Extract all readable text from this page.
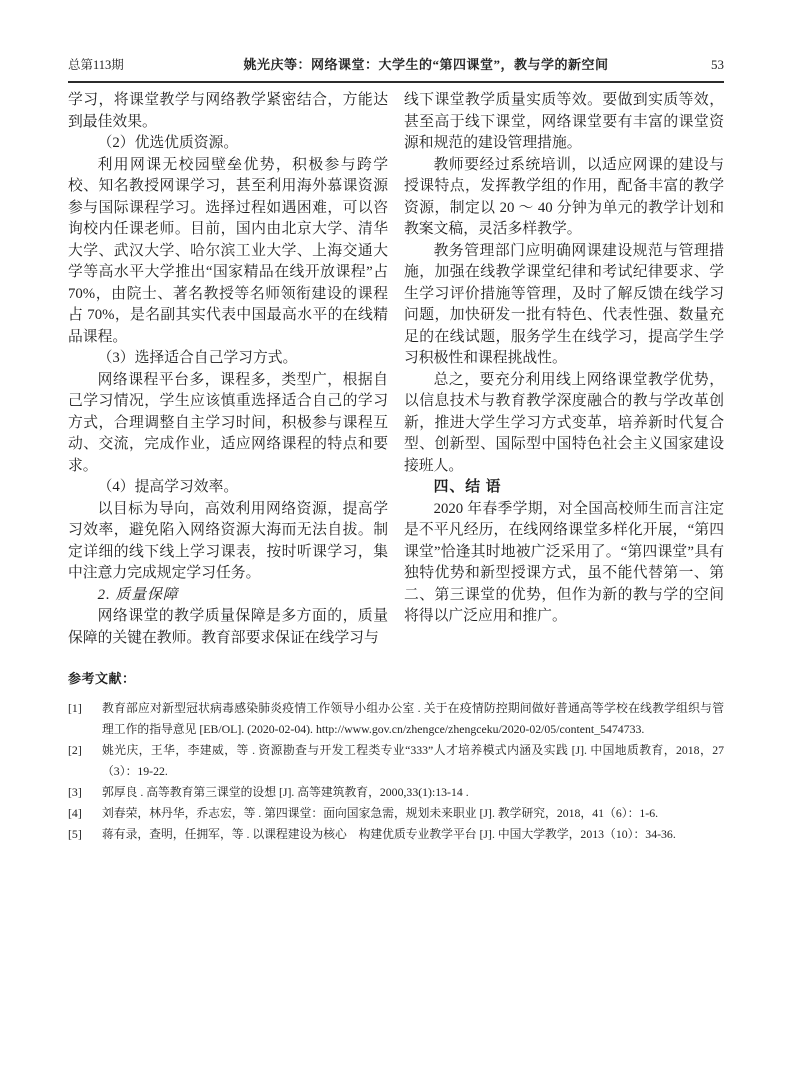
总第113期	姚光庆等：网络课堂：大学生的“第四课堂”，教与学的新空间	53

学习，将课堂教学与网络教学紧密结合，方能达到最佳效果。

（2）优选优质资源。

利用网课无校园壁垒优势，积极参与跨学校、知名教授网课学习，甚至利用海外慕课资源参与国际课程学习。选择过程如遇困难，可以咨询校内任课老师。目前，国内由北京大学、清华大学、武汉大学、哈尔滨工业大学、上海交通大学等高水平大学推出“国家精品在线开放课程”占70%，由院士、著名教授等名师领衔建设的课程占 70%，是名副其实代表中国最高水平的在线精品课程。

（3）选择适合自己学习方式。

网络课程平台多，课程多，类型广，根据自己学习情况，学生应该慎重选择适合自己的学习方式，合理调整自主学习时间，积极参与课程互动、交流，完成作业，适应网络课程的特点和要求。

（4）提高学习效率。

以目标为导向，高效利用网络资源，提高学习效率，避免陷入网络资源大海而无法自拔。制定详细的线下线上学习课表，按时听课学习，集中注意力完成规定学习任务。

2. 质量保障

网络课堂的教学质量保障是多方面的，质量保障的关键在教师。教育部要求保证在线学习与

线下课堂教学质量实质等效。要做到实质等效，甚至高于线下课堂，网络课堂要有丰富的课堂资源和规范的建设管理措施。

教师要经过系统培训，以适应网课的建设与授课特点，发挥教学组的作用，配备丰富的教学资源，制定以 20 ～ 40 分钟为单元的教学计划和教案文稿，灵活多样教学。

教务管理部门应明确网课建设规范与管理措施，加强在线教学课堂纪律和考试纪律要求、学生学习评价措施等管理，及时了解反馈在线学习问题，加快研发一批有特色、代表性强、数量充足的在线试题，服务学生在线学习，提高学生学习积极性和课程挑战性。

总之，要充分利用线上网络课堂教学优势，以信息技术与教育教学深度融合的教与学改革创新，推进大学生学习方式变革，培养新时代复合型、创新型、国际型中国特色社会主义国家建设接班人。

四、结 语

2020 年春季学期，对全国高校师生而言注定是不平凡经历，在线网络课堂多样化开展，“第四课堂”恰逢其时地被广泛采用了。“第四课堂”具有独特优势和新型授课方式，虽不能代替第一、第二、第三课堂的优势，但作为新的教与学的空间将得以广泛应用和推广。

参考文献：
[1]	教育部应对新型冠状病毒感染肺炎疫情工作领导小组办公室 . 关于在疫情防控期间做好普通高等学校在线教学组织与管理工作的指导意见 [EB/OL]. (2020-02-04). http://www.gov.cn/zhengce/zhengceku/2020-02/05/content_5474733.
[2]	姚光庆，王华，李建威，等 . 资源勘查与开发工程类专业“333”人才培养模式内涵及实践 [J]. 中国地质教育，2018，27（3）：19-22.
[3]	郭厚良 . 高等教育第三课堂的设想 [J]. 高等建筑教育，2000,33(1):13-14 .
[4]	刘春荣，林丹华，乔志宏，等 . 第四课堂：面向国家急需，规划未来职业 [J]. 教学研究，2018，41（6）：1-6.
[5]	蒋有录，查明，任拥军，等 . 以课程建设为核心　构建优质专业教学平台 [J]. 中国大学教学，2013（10）：34-36.
